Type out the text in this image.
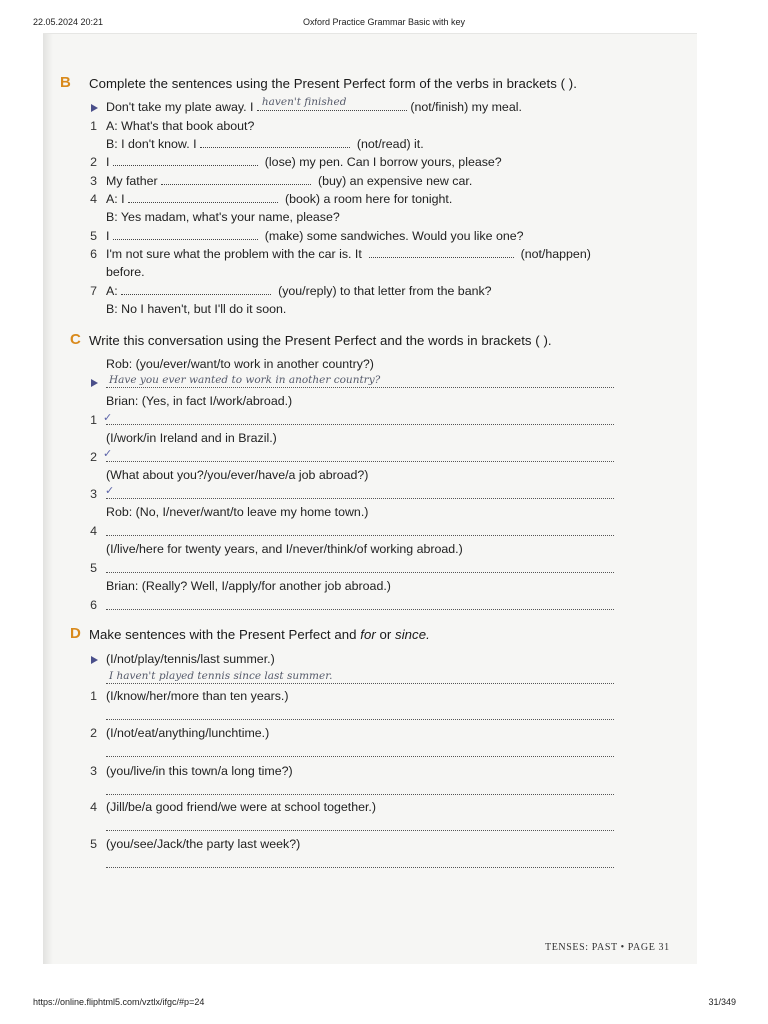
22.05.2024 20:21	Oxford Practice Grammar Basic with key
B Complete the sentences using the Present Perfect form of the verbs in brackets ( ).
Don't take my plate away. I haven't finished	(not/finish) my meal.
1 A: What's that book about?
B: I don't know. I	(not/read) it.
2 I	(lose) my pen. Can I borrow yours, please?
3 My father	(buy) an expensive new car.
4 A: I	(book) a room here for tonight.
B: Yes madam, what's your name, please?
5 I	(make) some sandwiches. Would you like one?
6 I'm not sure what the problem with the car is. It	(not/happen)
before.
7 A:	(you/reply) to that letter from the bank?
B: No I haven't, but I'll do it soon.
C Write this conversation using the Present Perfect and the words in brackets ( ).
Rob: (you/ever/want/to work in another country?)
Have you ever wanted to work in another country?
Brian: (Yes, in fact I/work/abroad.)
1 ✓
(I/work/in Ireland and in Brazil.)
2 ✓
(What about you?/you/ever/have/a job abroad?)
3 ✓
Rob: (No, I/never/want/to leave my home town.)
4
(I/live/here for twenty years, and I/never/think/of working abroad.)
5
Brian: (Really? Well, I/apply/for another job abroad.)
6
D Make sentences with the Present Perfect and for or since.
(I/not/play/tennis/last summer.)
I haven't played tennis since last summer.
1 (I/know/her/more than ten years.)
2 (I/not/eat/anything/lunchtime.)
3 (you/live/in this town/a long time?)
4 (Jill/be/a good friend/we were at school together.)
5 (you/see/Jack/the party last week?)
TENSES: PAST • PAGE 31
https://online.fliphtml5.com/vztlx/ifgc/#p=24	31/349
